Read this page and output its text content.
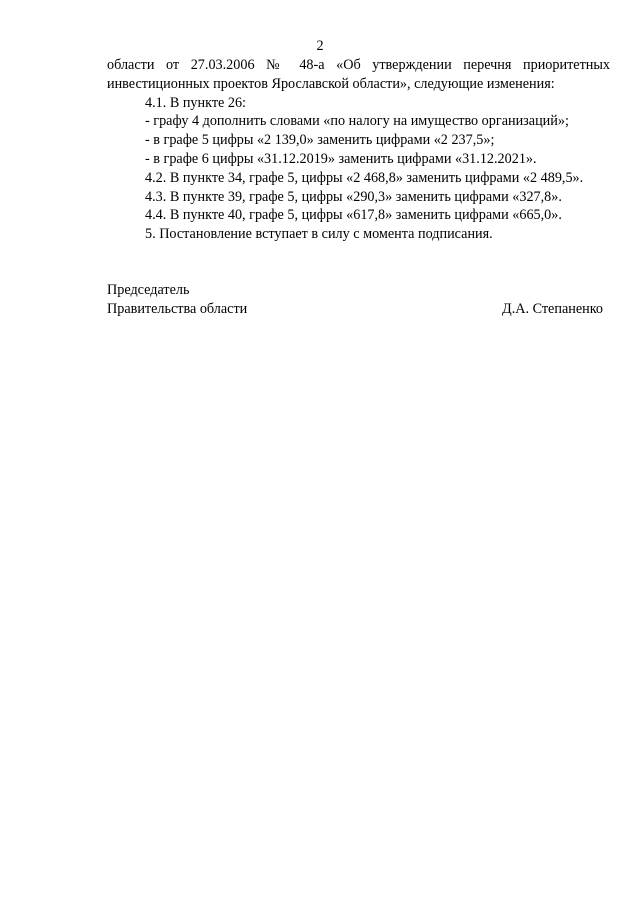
2
области от 27.03.2006 № 48-а «Об утверждении перечня приоритетных
инвестиционных проектов Ярославской области», следующие изменения:
4.1. В пункте 26:
- графу 4 дополнить словами «по налогу на имущество организаций»;
- в графе 5 цифры «2 139,0» заменить цифрами «2 237,5»;
- в графе 6 цифры «31.12.2019» заменить цифрами «31.12.2021».
4.2. В пункте 34, графе 5, цифры «2 468,8» заменить цифрами «2 489,5».
4.3. В пункте 39, графе 5, цифры «290,3» заменить цифрами «327,8».
4.4. В пункте 40, графе 5, цифры «617,8» заменить цифрами «665,0».
5. Постановление вступает в силу с момента подписания.
Председатель
Правительства области	Д.А. Степаненко
